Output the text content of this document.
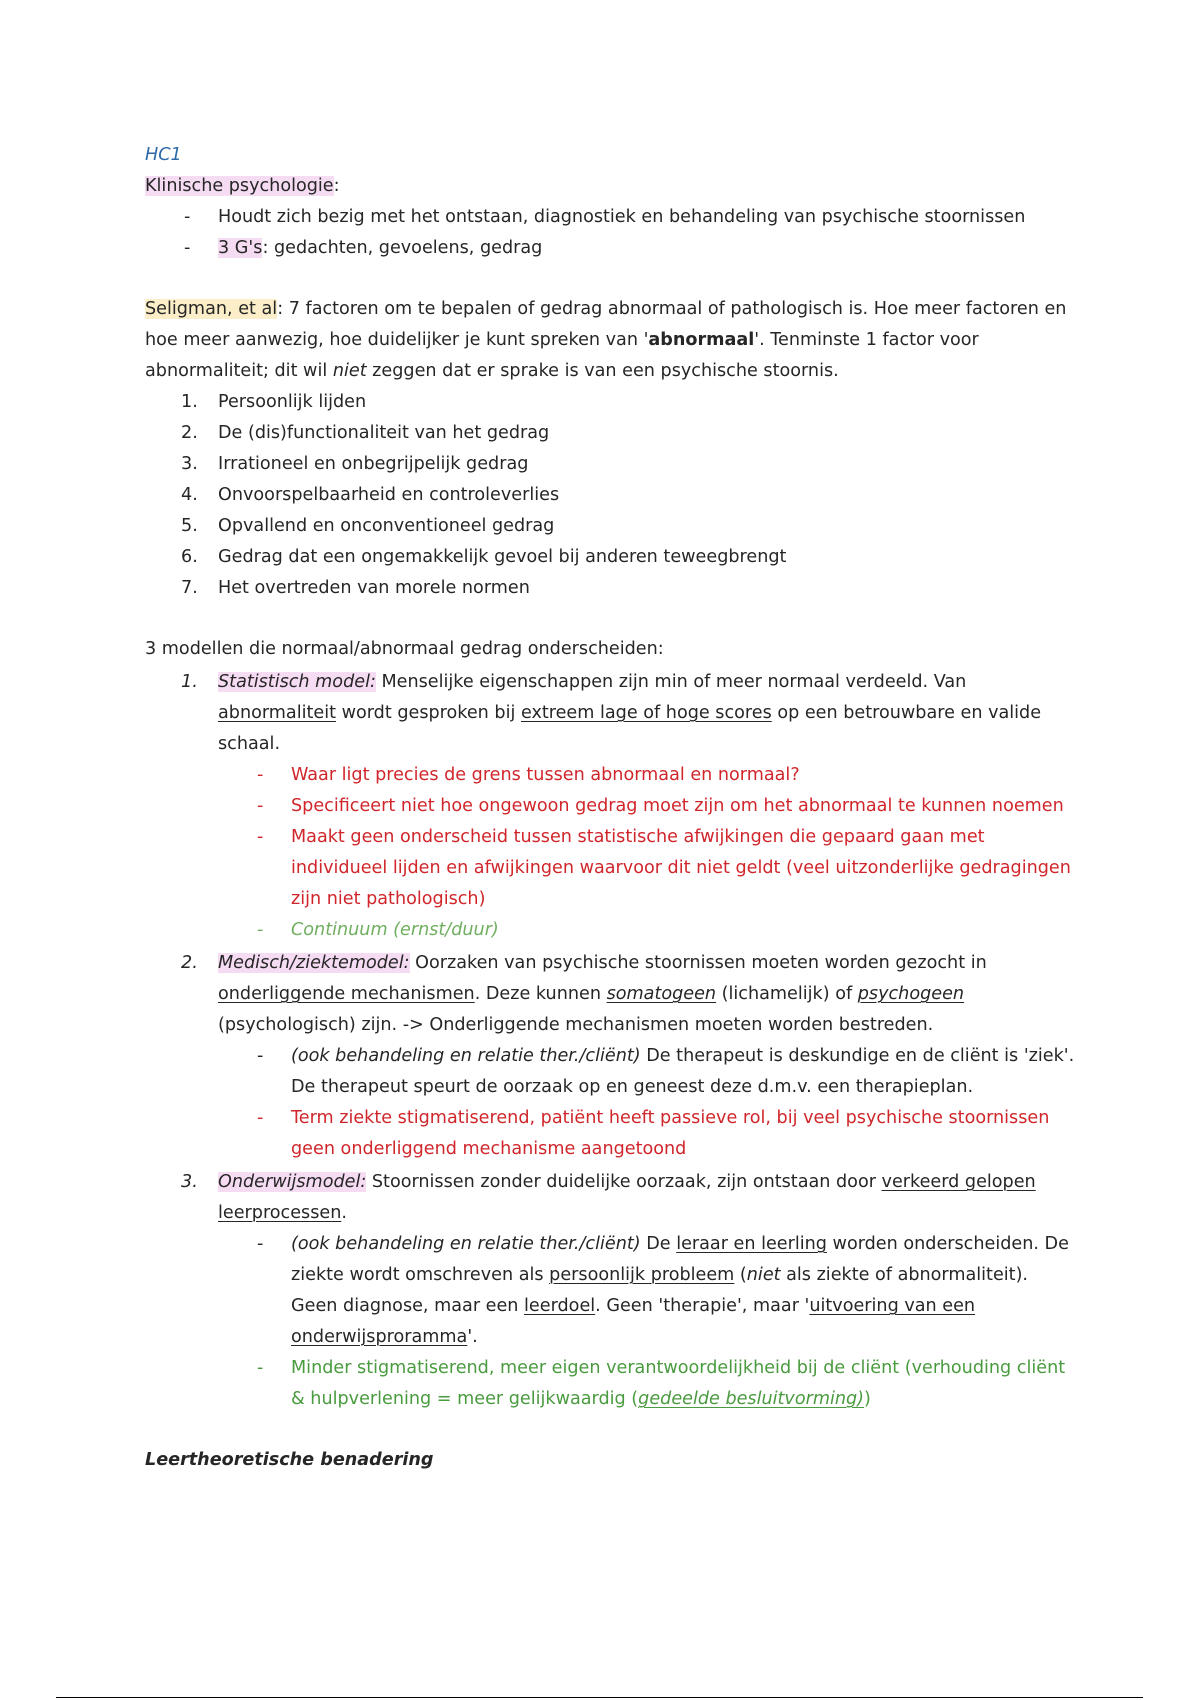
HC1
Klinische psychologie:
- Houdt zich bezig met het ontstaan, diagnostiek en behandeling van psychische stoornissen
- 3 G's: gedachten, gevoelens, gedrag
Seligman, et al: 7 factoren om te bepalen of gedrag abnormaal of pathologisch is. Hoe meer factoren en hoe meer aanwezig, hoe duidelijker je kunt spreken van 'abnormaal'. Tenminste 1 factor voor abnormaliteit; dit wil niet zeggen dat er sprake is van een psychische stoornis.
1. Persoonlijk lijden
2. De (dis)functionaliteit van het gedrag
3. Irrationeel en onbegrijpelijk gedrag
4. Onvoorspelbaarheid en controleverlies
5. Opvallend en onconventioneel gedrag
6. Gedrag dat een ongemakkelijk gevoel bij anderen teweegbrengt
7. Het overtreden van morele normen
3 modellen die normaal/abnormaal gedrag onderscheiden:
1. Statistisch model: Menselijke eigenschappen zijn min of meer normaal verdeeld. Van abnormaliteit wordt gesproken bij extreem lage of hoge scores op een betrouwbare en valide schaal.
- Waar ligt precies de grens tussen abnormaal en normaal?
- Specificeert niet hoe ongewoon gedrag moet zijn om het abnormaal te kunnen noemen
- Maakt geen onderscheid tussen statistische afwijkingen die gepaard gaan met individueel lijden en afwijkingen waarvoor dit niet geldt (veel uitzonderlijke gedragingen zijn niet pathologisch)
- Continuum (ernst/duur)
2. Medisch/ziektemodel: Oorzaken van psychische stoornissen moeten worden gezocht in onderliggende mechanismen. Deze kunnen somatogeen (lichamelijk) of psychogeen (psychologisch) zijn. -> Onderliggende mechanismen moeten worden bestreden.
- (ook behandeling en relatie ther./cliënt) De therapeut is deskundige en de cliënt is 'ziek'. De therapeut speurt de oorzaak op en geneest deze d.m.v. een therapieplan.
- Term ziekte stigmatiserend, patiënt heeft passieve rol, bij veel psychische stoornissen geen onderliggend mechanisme aangetoond
3. Onderwijsmodel: Stoornissen zonder duidelijke oorzaak, zijn ontstaan door verkeerd gelopen leerprocessen.
- (ook behandeling en relatie ther./cliënt) De leraar en leerling worden onderscheiden. De ziekte wordt omschreven als persoonlijk probleem (niet als ziekte of abnormaliteit). Geen diagnose, maar een leerdoel. Geen 'therapie', maar 'uitvoering van een onderwijsproramma'.
- Minder stigmatiserend, meer eigen verantwoordelijkheid bij de cliënt (verhouding cliënt & hulpverlening = meer gelijkwaardig (gedeelde besluitvorming))
Leertheoretische benadering
